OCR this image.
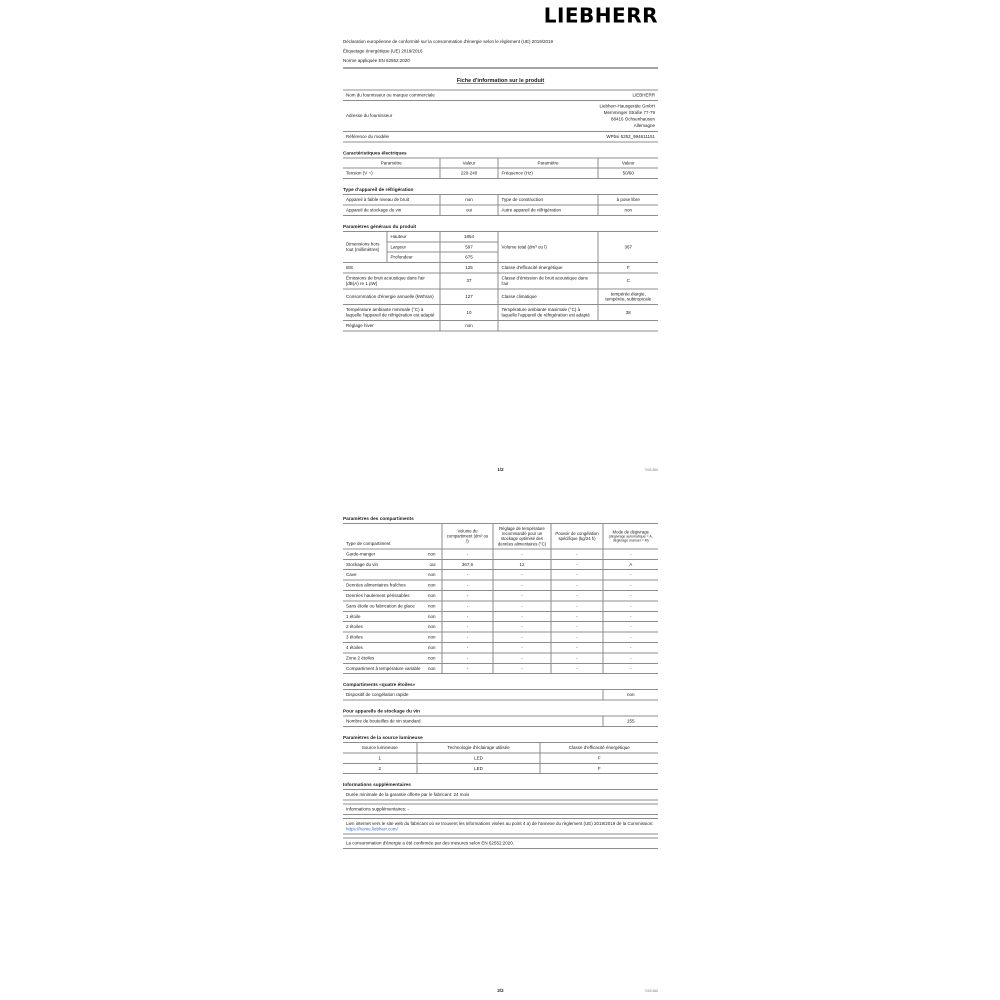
LIEBHERR
Déclaration européenne de conformité sur la consommation d'énergie selon le règlement (UE) 2019/2019
Étiquetage énergétique (UE) 2019/2016
Norme appliquée EN 62552:2020
Fiche d'information sur le produit
Nom du fournisseur ou marque commerciale	LIEBHERR
Adresse du fournisseur	Liebherr-Hausgeräte GmbH
Memminger Straße 77-79
88416 Ochsenhausen
Allemagne

Référence du modèle	WPbsi 5252_994611151
Caractéristiques électriques
Paramètre	Valeur	Paramètre	Valeur
Tension (V ~)	220-240	Fréquence (Hz)	50/60
Type d'appareil de réfrigération
Appareil à faible niveau de bruit	non	Type de construction	à pose libre
Appareil de stockage du vin	oui	Autre appareil de réfrigération	non
Paramètres généraux du produit
Dimensions hors tout (millimètres)	Hauteur	1854	Volume total (dm³ ou l)	367
	Largeur	597		
	Profondeur	675		
IEE		125	Classe d'efficacité énergétique	F
Émissions de bruit acoustique dans l'air [dB(A) re 1 pW]		37	Classe d'émission de bruit acoustique dans l'air	C
Consommation d'énergie annuelle (kWh/an)		127	Classe climatique	tempérée élargie, tempérée, subtropicale
Température ambiante minimale (°C) à laquelle l'appareil de réfrigération est adapté		10	Température ambiante maximale (°C) à laquelle l'appareil de réfrigération est adapté	38
Réglage hiver		non		
1/2	7085.868
Paramètres des compartiments
Type de compartiment	Volume du compartiment (dm³ ou l)	Réglage de température recommandé pour un stockage optimisé des denrées alimentaires (°C)	Pouvoir de congélation spécifique (kg/24 h)	Mode de dégivrage
(dégivrage automatique = A, dégivrage manuel = M)

Garde-manger non	-	-	-	-

Stockage du vin oui	367,6	12	-	A

Cave non	-	-	-	-

Denrées alimentaires fraîches non	-	-	-	-

Denrées hautement périssables non	-	-	-	-

Sans étoile ou fabrication de glace non	-	-	-	-

1 étoile non	-	-	-	-

2 étoiles non	-	-	-	-

3 étoiles non	-	-	-	-

4 étoiles non	-	-	-	-

Zone 2 étoiles non	-	-	-	-

Compartiment à température variable non	-	-	-	-
Compartiments «quatre étoiles»
Dispositif de congélation rapide	non
Pour appareils de stockage du vin
Nombre de bouteilles de vin standard	155
Paramètres de la source lumineuse
Source lumineuse	Technologie d'éclairage utilisée	Classe d'efficacité énergétique
1	LED	F
2	LED	F
Informations supplémentaires
Durée minimale de la garantie offerte par le fabricant: 24 mois
Informations supplémentaires: -
Lien internet vers le site web du fabricant où se trouvent les informations visées au point 4 a) de l'annexe du règlement (UE) 2019/2019 de la Commission: https://home.liebherr.com/
La consommation d'énergie a été confirmée par des mesures selon EN 62552:2020.
2/2	7085.868
